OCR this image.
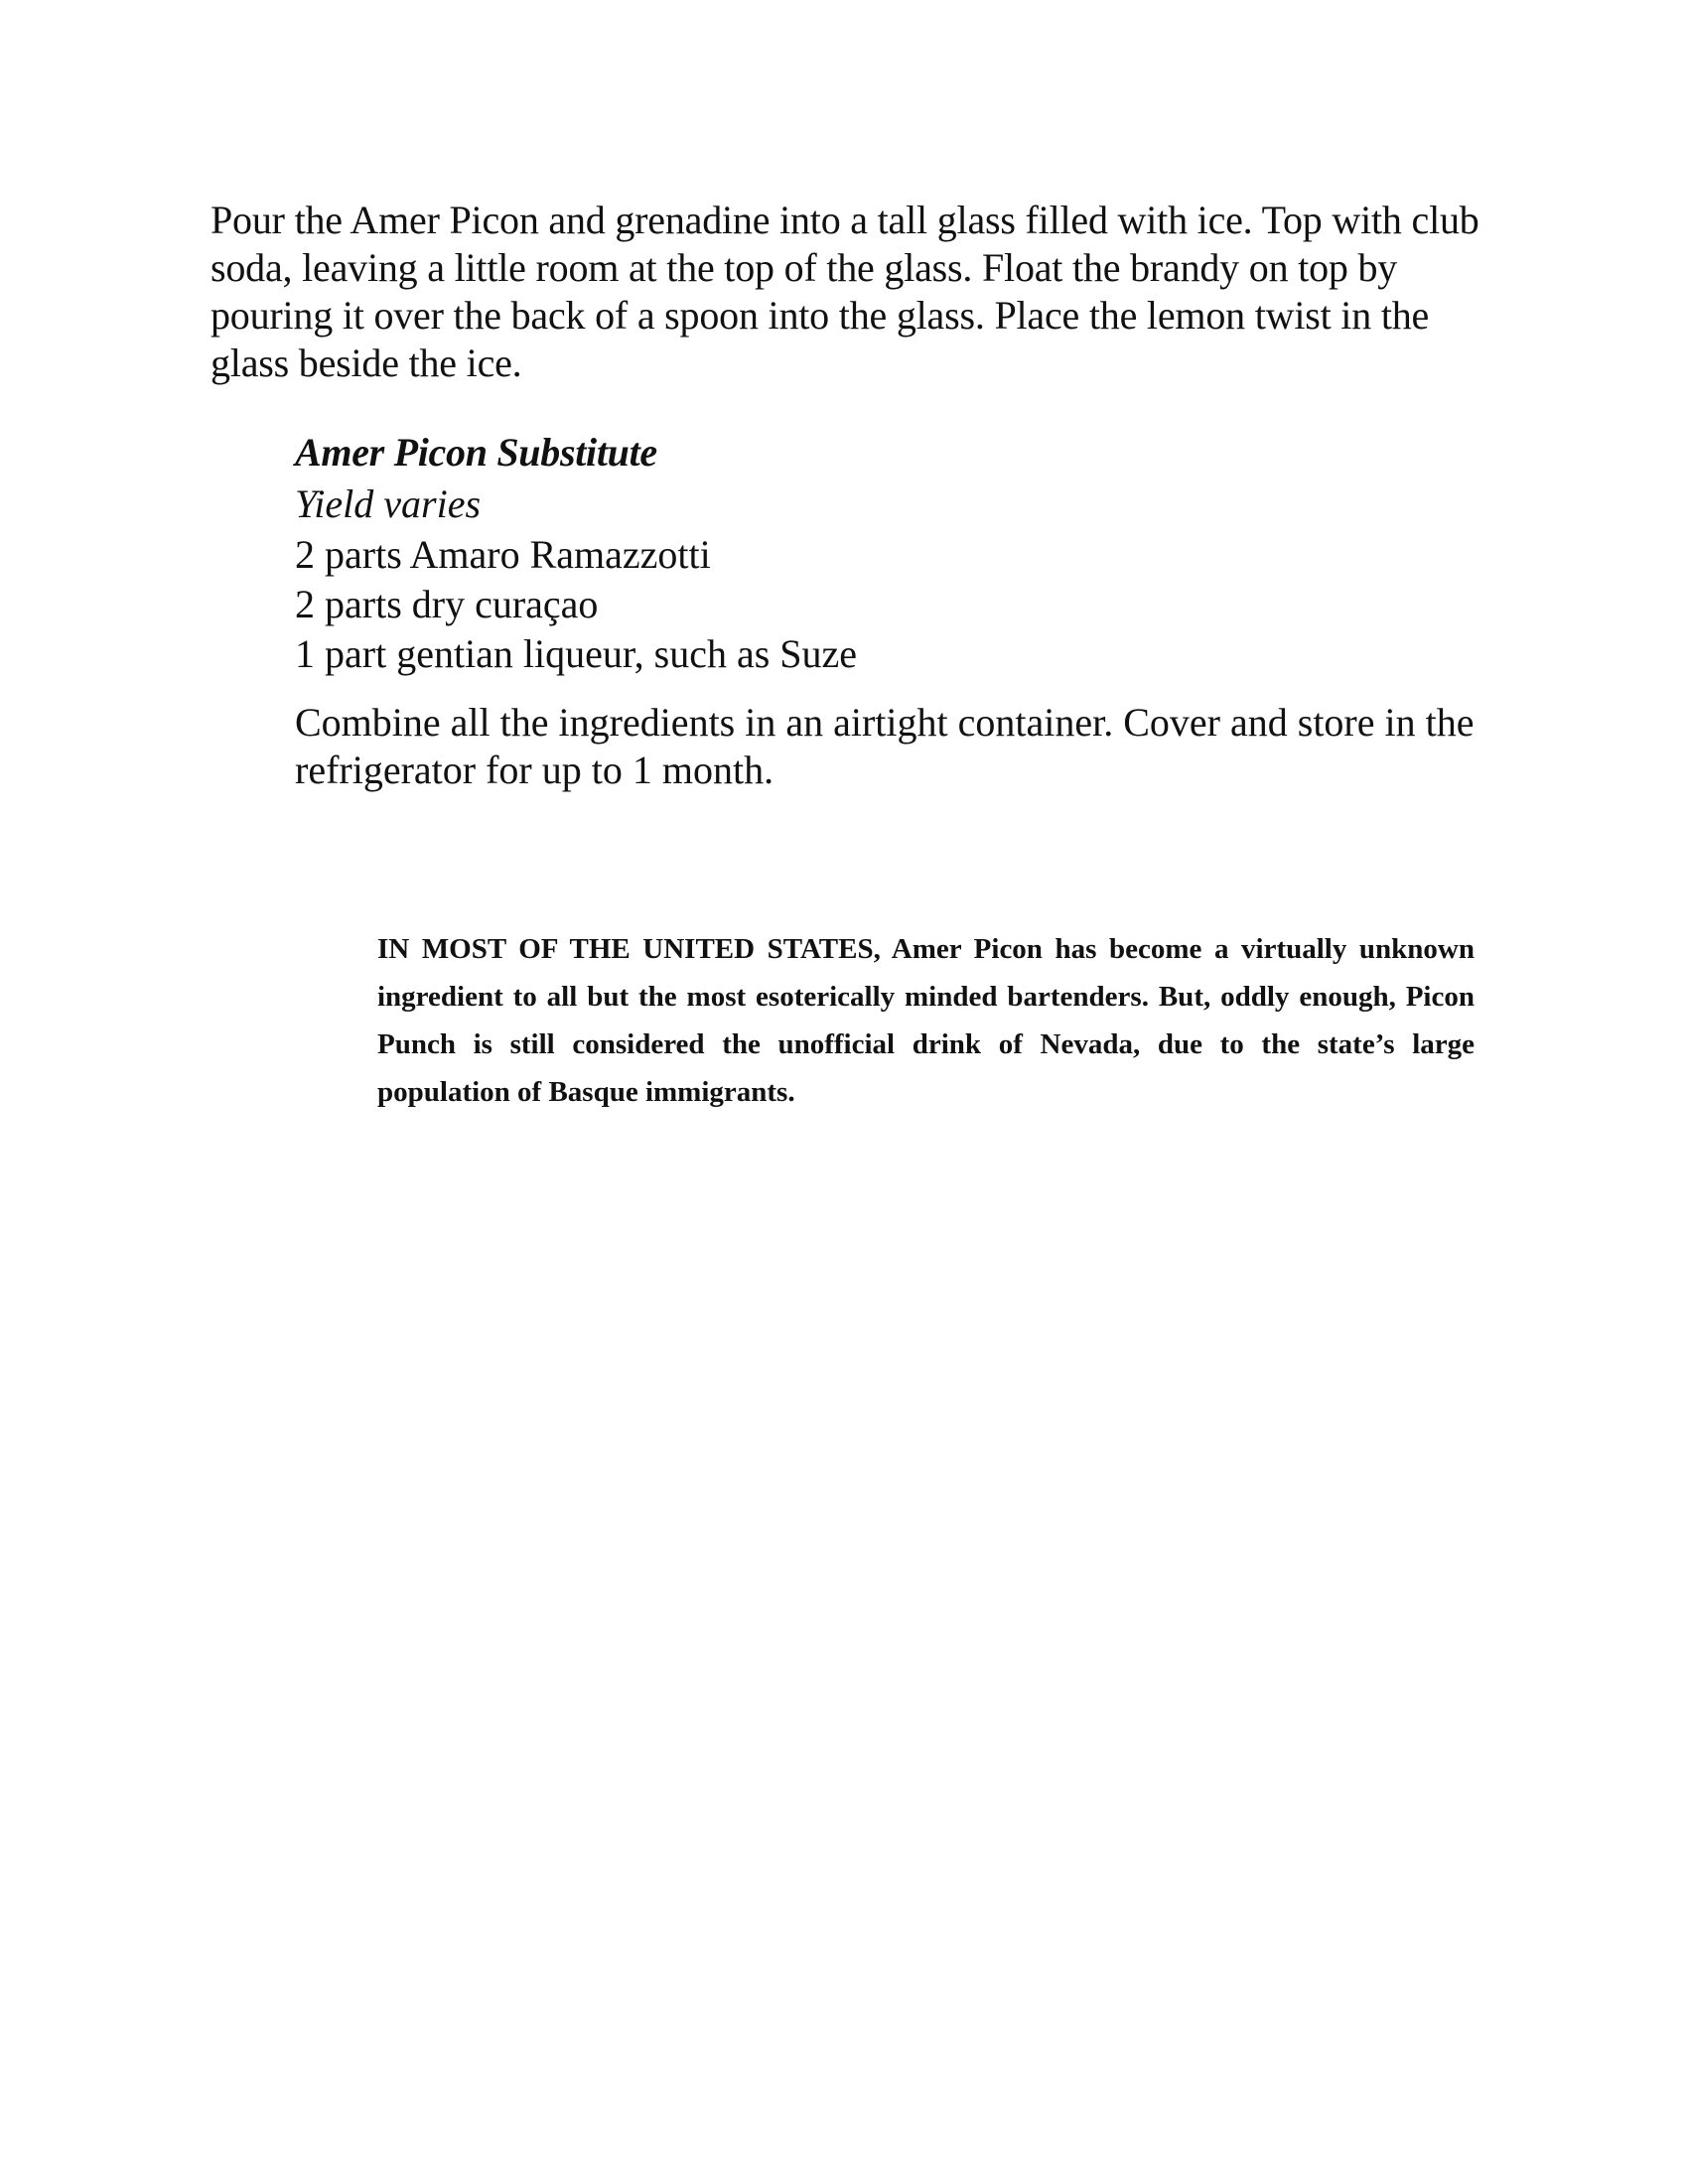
Pour the Amer Picon and grenadine into a tall glass filled with ice. Top with club soda, leaving a little room at the top of the glass. Float the brandy on top by pouring it over the back of a spoon into the glass. Place the lemon twist in the glass beside the ice.

Amer Picon Substitute

Yield varies

2 parts Amaro Ramazzotti
2 parts dry curaçao
1 part gentian liqueur, such as Suze

Combine all the ingredients in an airtight container. Cover and store in the refrigerator for up to 1 month.

IN MOST OF THE UNITED STATES, Amer Picon has become a virtually unknown ingredient to all but the most esoterically minded bartenders. But, oddly enough, Picon Punch is still considered the unofficial drink of Nevada, due to the state’s large population of Basque immigrants.
